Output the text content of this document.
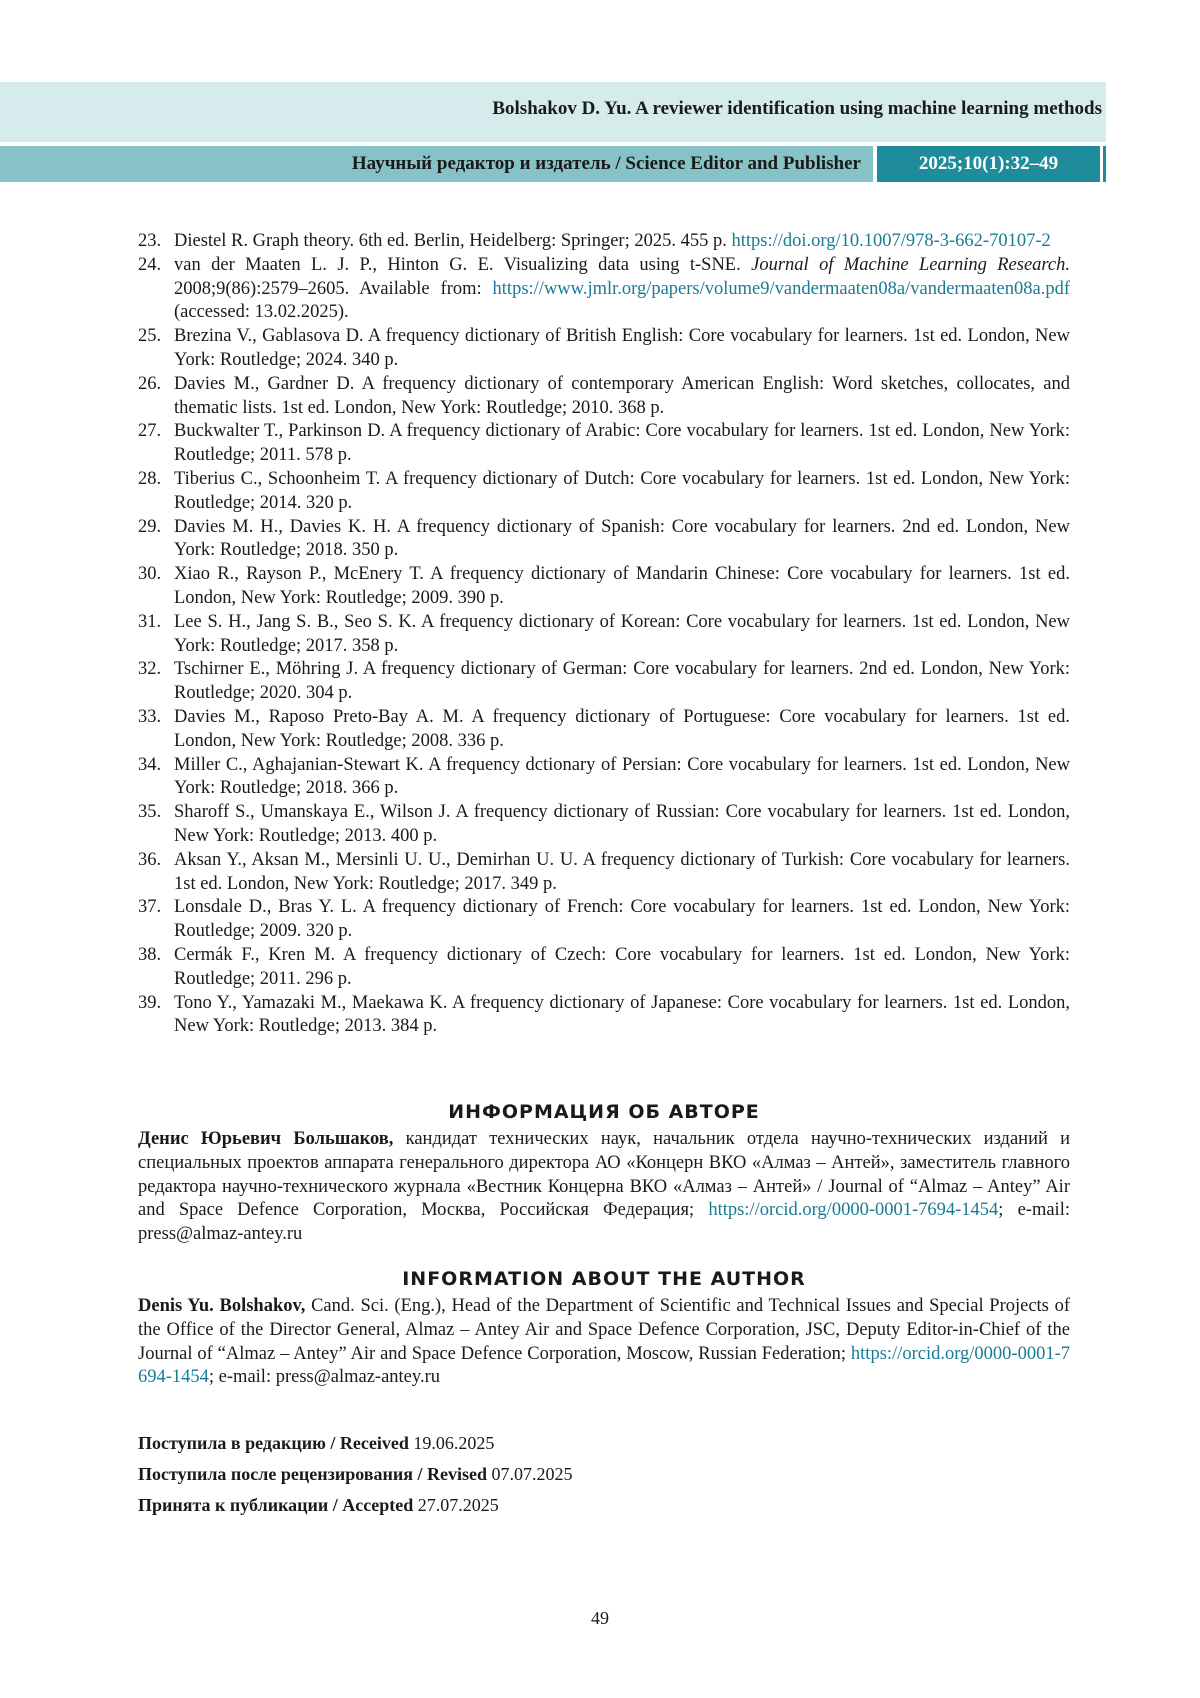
Bolshakov D. Yu. A reviewer identification using machine learning methods
Научный редактор и издатель / Science Editor and Publisher	2025;10(1):32–49
23. Diestel R. Graph theory. 6th ed. Berlin, Heidelberg: Springer; 2025. 455 p. https://doi.org/10.1007/978-3-662-70107-2
24. van der Maaten L. J. P., Hinton G. E. Visualizing data using t-SNE. Journal of Machine Learning Research. 2008;9(86):2579–2605. Available from: https://www.jmlr.org/papers/volume9/vandermaaten08a/vandermaaten08a.pdf (accessed: 13.02.2025).
25. Brezina V., Gablasova D. A frequency dictionary of British English: Core vocabulary for learners. 1st ed. London, New York: Routledge; 2024. 340 p.
26. Davies M., Gardner D. A frequency dictionary of contemporary American English: Word sketches, collocates, and thematic lists. 1st ed. London, New York: Routledge; 2010. 368 p.
27. Buckwalter T., Parkinson D. A frequency dictionary of Arabic: Core vocabulary for learners. 1st ed. London, New York: Routledge; 2011. 578 p.
28. Tiberius C., Schoonheim T. A frequency dictionary of Dutch: Core vocabulary for learners. 1st ed. London, New York: Routledge; 2014. 320 p.
29. Davies M. H., Davies K. H. A frequency dictionary of Spanish: Core vocabulary for learners. 2nd ed. London, New York: Routledge; 2018. 350 p.
30. Xiao R., Rayson P., McEnery T. A frequency dictionary of Mandarin Chinese: Core vocabulary for learners. 1st ed. London, New York: Routledge; 2009. 390 p.
31. Lee S. H., Jang S. B., Seo S. K. A frequency dictionary of Korean: Core vocabulary for learners. 1st ed. London, New York: Routledge; 2017. 358 p.
32. Tschirner E., Möhring J. A frequency dictionary of German: Core vocabulary for learners. 2nd ed. London, New York: Routledge; 2020. 304 p.
33. Davies M., Raposo Preto-Bay A. M. A frequency dictionary of Portuguese: Core vocabulary for learners. 1st ed. London, New York: Routledge; 2008. 336 p.
34. Miller C., Aghajanian-Stewart K. A frequency dctionary of Persian: Core vocabulary for learners. 1st ed. London, New York: Routledge; 2018. 366 p.
35. Sharoff S., Umanskaya E., Wilson J. A frequency dictionary of Russian: Core vocabulary for learners. 1st ed. London, New York: Routledge; 2013. 400 p.
36. Aksan Y., Aksan M., Mersinli U. U., Demirhan U. U. A frequency dictionary of Turkish: Core vocabulary for learners. 1st ed. London, New York: Routledge; 2017. 349 p.
37. Lonsdale D., Bras Y. L. A frequency dictionary of French: Core vocabulary for learners. 1st ed. London, New York: Routledge; 2009. 320 p.
38. Cermák F., Kren M. A frequency dictionary of Czech: Core vocabulary for learners. 1st ed. London, New York: Routledge; 2011. 296 p.
39. Tono Y., Yamazaki M., Maekawa K. A frequency dictionary of Japanese: Core vocabulary for learners. 1st ed. London, New York: Routledge; 2013. 384 p.
ИНФОРМАЦИЯ ОБ АВТОРЕ
Денис Юрьевич Большаков, кандидат технических наук, начальник отдела научно-технических изданий и специальных проектов аппарата генерального директора АО «Концерн ВКО «Алмаз – Антей», заместитель главного редактора научно-технического журнала «Вестник Концерна ВКО «Алмаз – Антей» / Journal of “Almaz – Antey” Air and Space Defence Corporation, Москва, Российская Федерация; https://orcid.org/0000-0001-7694-1454; e-mail: press@almaz-antey.ru
INFORMATION ABOUT THE AUTHOR
Denis Yu. Bolshakov, Cand. Sci. (Eng.), Head of the Department of Scientific and Technical Issues and Special Projects of the Office of the Director General, Almaz – Antey Air and Space Defence Corporation, JSC, Deputy Editor-in-Chief of the Journal of “Almaz – Antey” Air and Space Defence Corporation, Moscow, Russian Federation; https://orcid.org/0000-0001-7694-1454; e-mail: press@almaz-antey.ru
Поступила в редакцию / Received 19.06.2025
Поступила после рецензирования / Revised 07.07.2025
Принята к публикации / Accepted 27.07.2025
49
